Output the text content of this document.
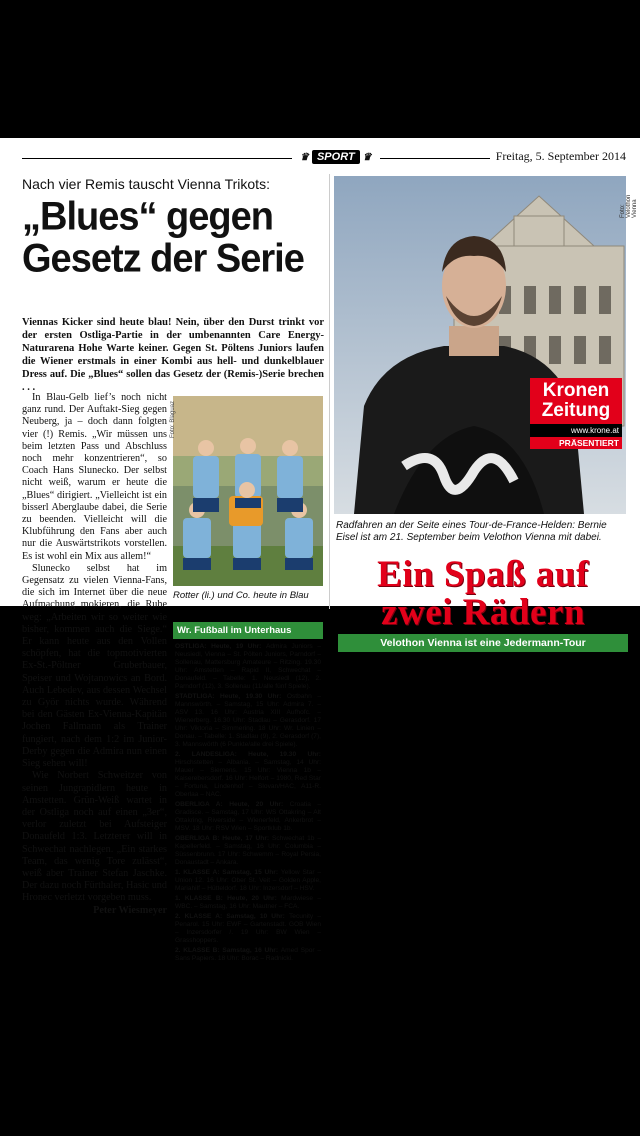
♛ SPORT ♛	Freitag, 5. September 2014
Nach vier Remis tauscht Vienna Trikots:
„Blues“ gegen Gesetz der Serie
Viennas Kicker sind heute blau! Nein, über den Durst trinkt vor der ersten Ostliga-Partie in der umbenannten Care Energy-Naturarena Hohe Warte keiner. Gegen St. Pöltens Juniors laufen die Wiener erstmals in einer Kombi aus hell- und dunkelblauer Dress auf. Die „Blues“ sollen das Gesetz der (Remis-)Serie brechen . . .

In Blau-Gelb lief’s noch nicht ganz rund. Der Auftakt-Sieg gegen Neuberg, ja – doch dann folgten vier (!) Remis. „Wir müssen uns beim letzten Pass und Abschluss noch mehr konzentrieren“, so Coach Hans Slunecko. Der selbst nicht weiß, warum er heute die „Blues“ dirigiert. „Vielleicht ist ein bisserl Aberglaube dabei, die Serie zu beenden. Vielleicht will die Klubführung den Fans aber auch nur die Auswärtstrikots vorstellen. Es ist wohl ein Mix aus allem!“

Slunecko selbst hat im Gegensatz zu vielen Vienna-Fans, die sich im Internet über die neue Aufmachung mokieren, die Ruhe weg: „Arbeiten wir so weiter wie bisher, kommen auch die Siege.“ Er kann heute aus den Vollen schöpfen, hat die topmotivierten Ex-St.-Pöltner Gruberbauer, Speiser und Wojtanowics an Bord. Auch Lebedev, aus dessen Wechsel zu Györ nichts wurde. Während bei den Gästen Ex-Vienna-Kapitän Jochen Fallmann als Trainer fungiert, nach dem 1:2 im Junior-Derby gegen die Admira nun einen Sieg sehen will!

Wie Norbert Schweitzer von seinen Jungrapidlern heute in Amstetten. Grün-Weiß wartet in der Ostliga noch auf einen „3er“, verlor zuletzt bei Aufsteiger Donaufeld 1:3. Letzterer will in Schwechat nachlegen. „Ein starkes Team, das wenig Tore zulässt“, weiß aber Trainer Stefan Jaschke. Der dazu noch Fürthaler, Hasic und Hronec verletzt vorgeben muss.
Peter Wiesmeyer

Rotter (li.) und Co. heute in Blau
Foto: Blaguaz
Wr. Fußball im Unterhaus
OSTLIGA: Heute, 19 Uhr: Admira Juniors – Neusiedl, Vienna – St. Pölten Juniors, Parndorf – Sollenau, Mattersburg Amateure – Ritzing. 19.30 Uhr: Amstetten – Rapid II, Schwechat – Donaufeld. – Tabelle: 1. Neusiedl (12), 2. Parndorf (12), 3. Sollenau (11/alle fünf Spiele).
STADTLIGA: Heute, 19.30 Uhr: Ostbahn – Mannswörth. – Samstag, 15 Uhr: Admira 7. – ASV 13. 16 Uhr: Austria XIII Aufhofc. – Wienerberg. 16.30 Uhr: Stadlau – Gerasdorf. 17 Uhr: Viktoria – Simmering. 18 Uhr: Wr. Linien – Donau. – Tabelle: 1. Stadlau (9), 2. Gerasdorf (7), 3. Mannswörth (6 Punkte/alle drei Spiele).
2. LANDESLIGA: Heute, 19.30 Uhr: Hirschstetten – Albania. – Samstag, 14 Uhr: Mauer – Siemens. 15 Uhr: Vienna 1b – Kaiserebersdorf. 16 Uhr: Helfort – 1980, Red Star – Fortuna, Lindenhof – Slovan/HAC, A11-R. Oberlaa – NAC.
OBERLIGA A: Heute, 20 Uhr: Croatia – Gradisce. – Samstag, 17 Uhr: WS Ottakring – Alt Ottakring, Riverside – Wienerfeld, Ankerbrot – MSV. 18 Uhr: RSV Wien – Sportklub 1b.
OBERLIGA B: Heute, 17 Uhr: Schwechat 1b – Kapellerfeld. – Samstag, 16 Uhr: Columbia – Süssenbrunn. 17 Uhr: Schwemm – Royal Persia, Donaustadt – Ankara.
1. KLASSE A: Samstag, 15 Uhr: Yellow Star – Union 12. 16 Uhr: Ober St. Veit – Golden Apple, Mariahilf – Hütteldorf. 18 Uhr: Inzersdorf – HSV.
1. KLASSE B: Heute, 20 Uhr: Mardwiese – WBC. – Samstag, 16 Uhr: Mautner – FCA.
2. KLASSE A: Samstag, 10 Uhr: Tecunity – Penarol. 15 Uhr: EWF – Gartenstadt. GOB Wien – Inzersdorfer /. 19 Uhr: BW Wien – Grasshoppers.
2. KLASSE B: Samstag, 16 Uhr: Amed Spor – Sans Papiers. 18 Uhr: Borac – Radnicki.
Foto: Velothon Vienna
Kronen
Zeitung
www.krone.at
PRÄSENTIERT
Radfahren an der Seite eines Tour-de-France-Helden: Bernie Eisel ist am 21. September beim Velothon Vienna mit dabei.
Ein Spaß auf
zwei Rädern
Velothon Vienna ist eine Jedermann-Tour
